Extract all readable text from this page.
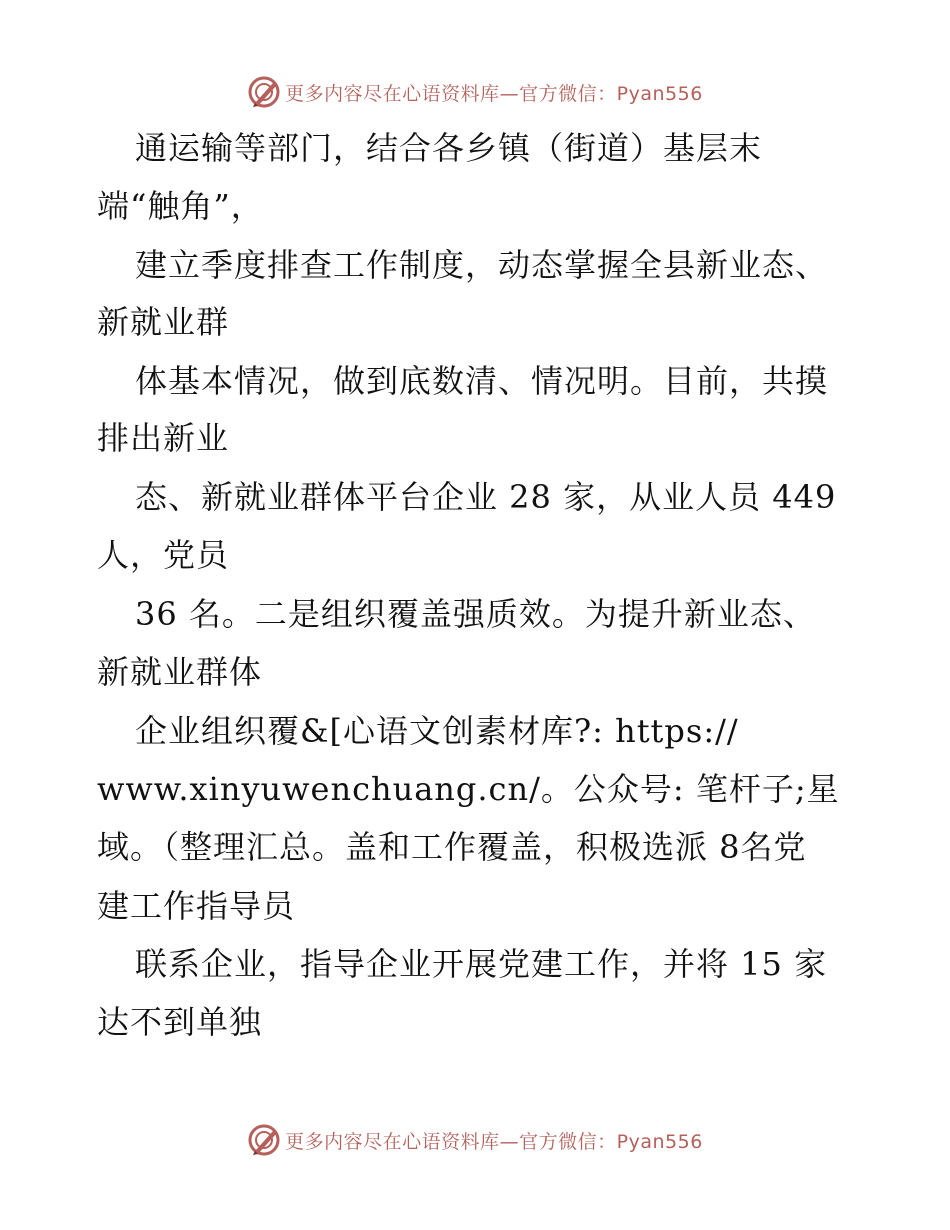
更多内容尽在心语资料库—官方微信：Pyan556
通运输等部门，结合各乡镇（街道）基层末
端“触角”，
建立季度排查工作制度，动态掌握全县新业态、
新就业群
体基本情况，做到底数清、情况明。目前，共摸
排出新业
态、新就业群体平台企业 28 家，从业人员 449
人，党员
36 名。二是组织覆盖强质效。为提升新业态、
新就业群体
企业组织覆&[心语文创素材库?: https://
www.xinyuwenchuang.cn/。公众号: 笔杆子;星
域。（整理汇总。盖和工作覆盖，积极选派 8名党
建工作指导员
联系企业，指导企业开展党建工作，并将 15 家
达不到单独
更多内容尽在心语资料库—官方微信：Pyan556
